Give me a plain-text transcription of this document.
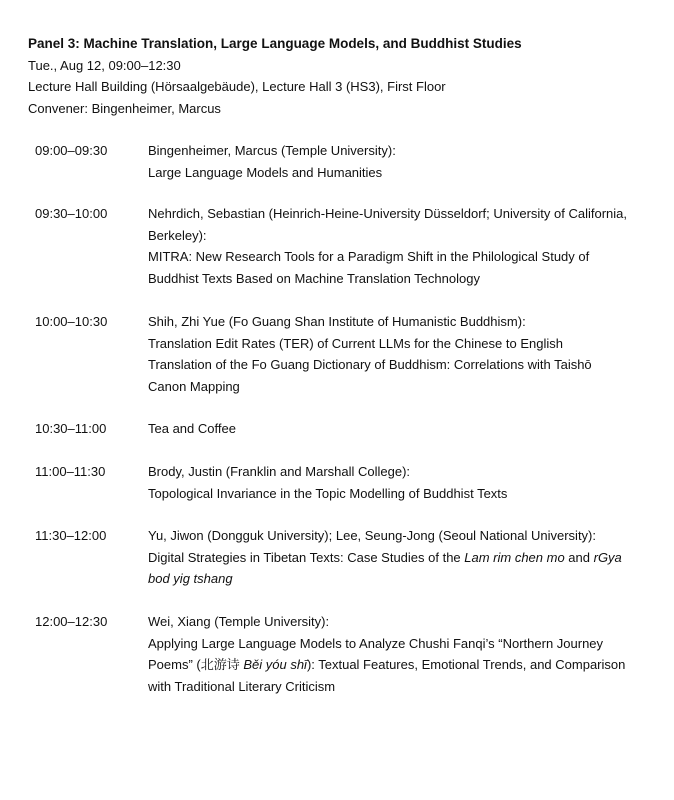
Panel 3: Machine Translation, Large Language Models, and Buddhist Studies
Tue., Aug 12, 09:00–12:30
Lecture Hall Building (Hörsaalgebäude), Lecture Hall 3 (HS3), First Floor
Convener: Bingenheimer, Marcus
09:00–09:30	Bingenheimer, Marcus (Temple University):
Large Language Models and Humanities
09:30–10:00	Nehrdich, Sebastian (Heinrich-Heine-University Düsseldorf; University of California, Berkeley):
MITRA: New Research Tools for a Paradigm Shift in the Philological Study of Buddhist Texts Based on Machine Translation Technology
10:00–10:30	Shih, Zhi Yue (Fo Guang Shan Institute of Humanistic Buddhism):
Translation Edit Rates (TER) of Current LLMs for the Chinese to English Translation of the Fo Guang Dictionary of Buddhism: Correlations with Taishō Canon Mapping
10:30–11:00	Tea and Coffee
11:00–11:30	Brody, Justin (Franklin and Marshall College):
Topological Invariance in the Topic Modelling of Buddhist Texts
11:30–12:00	Yu, Jiwon (Dongguk University); Lee, Seung-Jong (Seoul National University):
Digital Strategies in Tibetan Texts: Case Studies of the Lam rim chen mo and rGya bod yig tshang
12:00–12:30	Wei, Xiang (Temple University):
Applying Large Language Models to Analyze Chushi Fanqi’s “Northern Journey Poems” (北游诗 Běi yóu shī): Textual Features, Emotional Trends, and Comparison with Traditional Literary Criticism
